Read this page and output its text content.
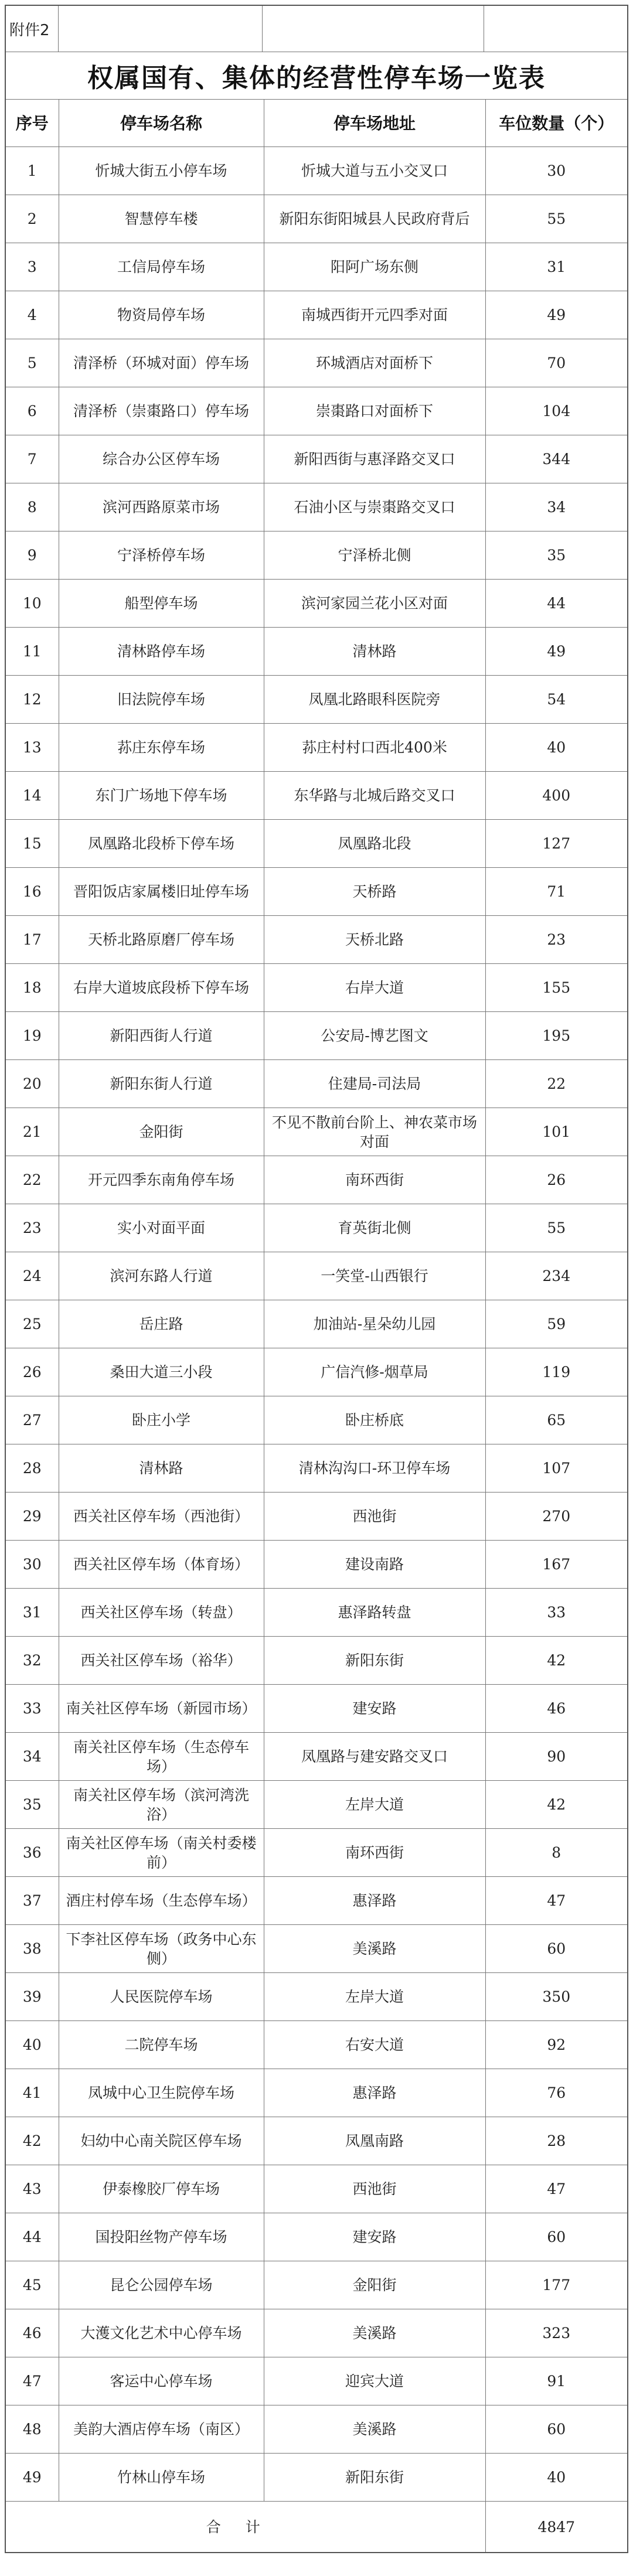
附件2
权属国有、集体的经营性停车场一览表
序号	停车场名称	停车场地址	车位数量（个）
1	忻城大街五小停车场	忻城大道与五小交叉口	30
2	智慧停车楼	新阳东街阳城县人民政府背后	55
3	工信局停车场	阳阿广场东侧	31
4	物资局停车场	南城西街开元四季对面	49
5	清泽桥（环城对面）停车场	环城酒店对面桥下	70
6	清泽桥（崇棗路口）停车场	崇棗路口对面桥下	104
7	综合办公区停车场	新阳西街与惠泽路交叉口	344
8	滨河西路原菜市场	石油小区与崇棗路交叉口	34
9	宁泽桥停车场	宁泽桥北侧	35
10	船型停车场	滨河家园兰花小区对面	44
11	清林路停车场	清林路	49
12	旧法院停车场	凤凰北路眼科医院旁	54
13	荪庄东停车场	荪庄村村口西北400米	40
14	东门广场地下停车场	东华路与北城后路交叉口	400
15	凤凰路北段桥下停车场	凤凰路北段	127
16	晋阳饭店家属楼旧址停车场	天桥路	71
17	天桥北路原磨厂停车场	天桥北路	23
18	右岸大道坡底段桥下停车场	右岸大道	155
19	新阳西街人行道	公安局-博艺图文	195
20	新阳东街人行道	住建局-司法局	22
21	金阳街	不见不散前台阶上、神农菜市场对面	101
22	开元四季东南角停车场	南环西街	26
23	实小对面平面	育英街北侧	55
24	滨河东路人行道	一笑堂-山西银行	234
25	岳庄路	加油站-星朵幼儿园	59
26	桑田大道三小段	广信汽修-烟草局	119
27	卧庄小学	卧庄桥底	65
28	清林路	清林沟沟口-环卫停车场	107
29	西关社区停车场（西池街）	西池街	270
30	西关社区停车场（体育场）	建设南路	167
31	西关社区停车场（转盘）	惠泽路转盘	33
32	西关社区停车场（裕华）	新阳东街	42
33	南关社区停车场（新园市场）	建安路	46
34	南关社区停车场（生态停车场）	凤凰路与建安路交叉口	90
35	南关社区停车场（滨河湾洗浴）	左岸大道	42
36	南关社区停车场（南关村委楼前）	南环西街	8
37	酒庄村停车场（生态停车场）	惠泽路	47
38	下李社区停车场（政务中心东侧）	美溪路	60
39	人民医院停车场	左岸大道	350
40	二院停车场	右安大道	92
41	凤城中心卫生院停车场	惠泽路	76
42	妇幼中心南关院区停车场	凤凰南路	28
43	伊泰橡胶厂停车场	西池街	47
44	国投阳丝物产停车场	建安路	60
45	昆仑公园停车场	金阳街	177
46	大濩文化艺术中心停车场	美溪路	323
47	客运中心停车场	迎宾大道	91
48	美韵大酒店停车场（南区）	美溪路	60
49	竹林山停车场	新阳东街	40
合计			4847
